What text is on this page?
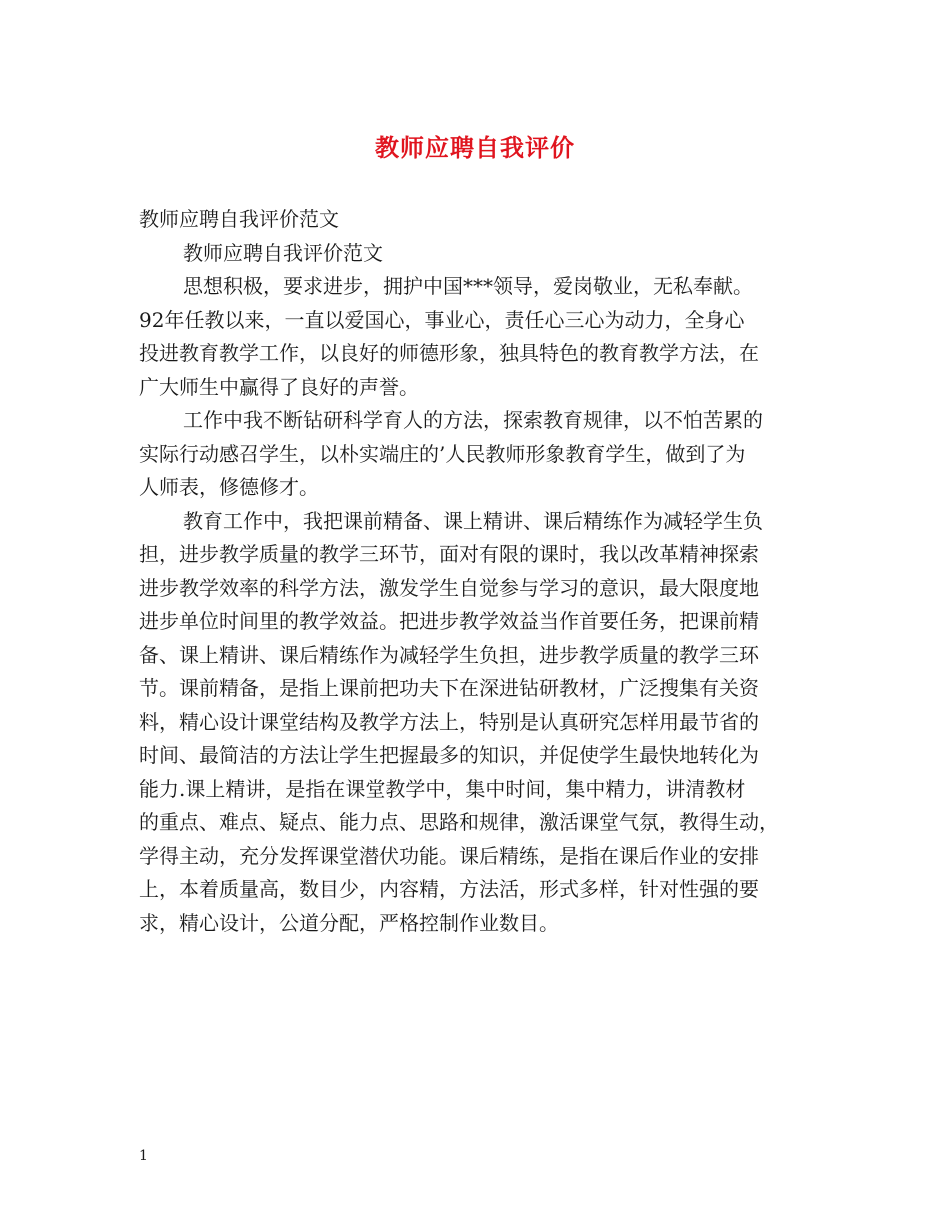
教师应聘自我评价
教师应聘自我评价范文
教师应聘自我评价范文
思想积极，要求进步，拥护中国***领导，爱岗敬业，无私奉献。
92年任教以来，一直以爱国心，事业心，责任心三心为动力，全身心
投进教育教学工作，以良好的师德形象，独具特色的教育教学方法，在
广大师生中赢得了良好的声誉。
工作中我不断钻研科学育人的方法，探索教育规律，以不怕苦累的
实际行动感召学生，以朴实端庄的’人民教师形象教育学生，做到了为
人师表，修德修才。
教育工作中，我把课前精备、课上精讲、课后精练作为减轻学生负
担，进步教学质量的教学三环节，面对有限的课时，我以改革精神探索
进步教学效率的科学方法，激发学生自觉参与学习的意识，最大限度地
进步单位时间里的教学效益。把进步教学效益当作首要任务，把课前精
备、课上精讲、课后精练作为减轻学生负担，进步教学质量的教学三环
节。课前精备，是指上课前把功夫下在深进钻研教材，广泛搜集有关资
料，精心设计课堂结构及教学方法上，特别是认真研究怎样用最节省的
时间、最简洁的方法让学生把握最多的知识，并促使学生最快地转化为
能力.课上精讲，是指在课堂教学中，集中时间，集中精力，讲清教材
的重点、难点、疑点、能力点、思路和规律，激活课堂气氛，教得生动，
学得主动，充分发挥课堂潜伏功能。课后精练，是指在课后作业的安排
上，本着质量高，数目少，内容精，方法活，形式多样，针对性强的要
求，精心设计，公道分配，严格控制作业数目。
1
